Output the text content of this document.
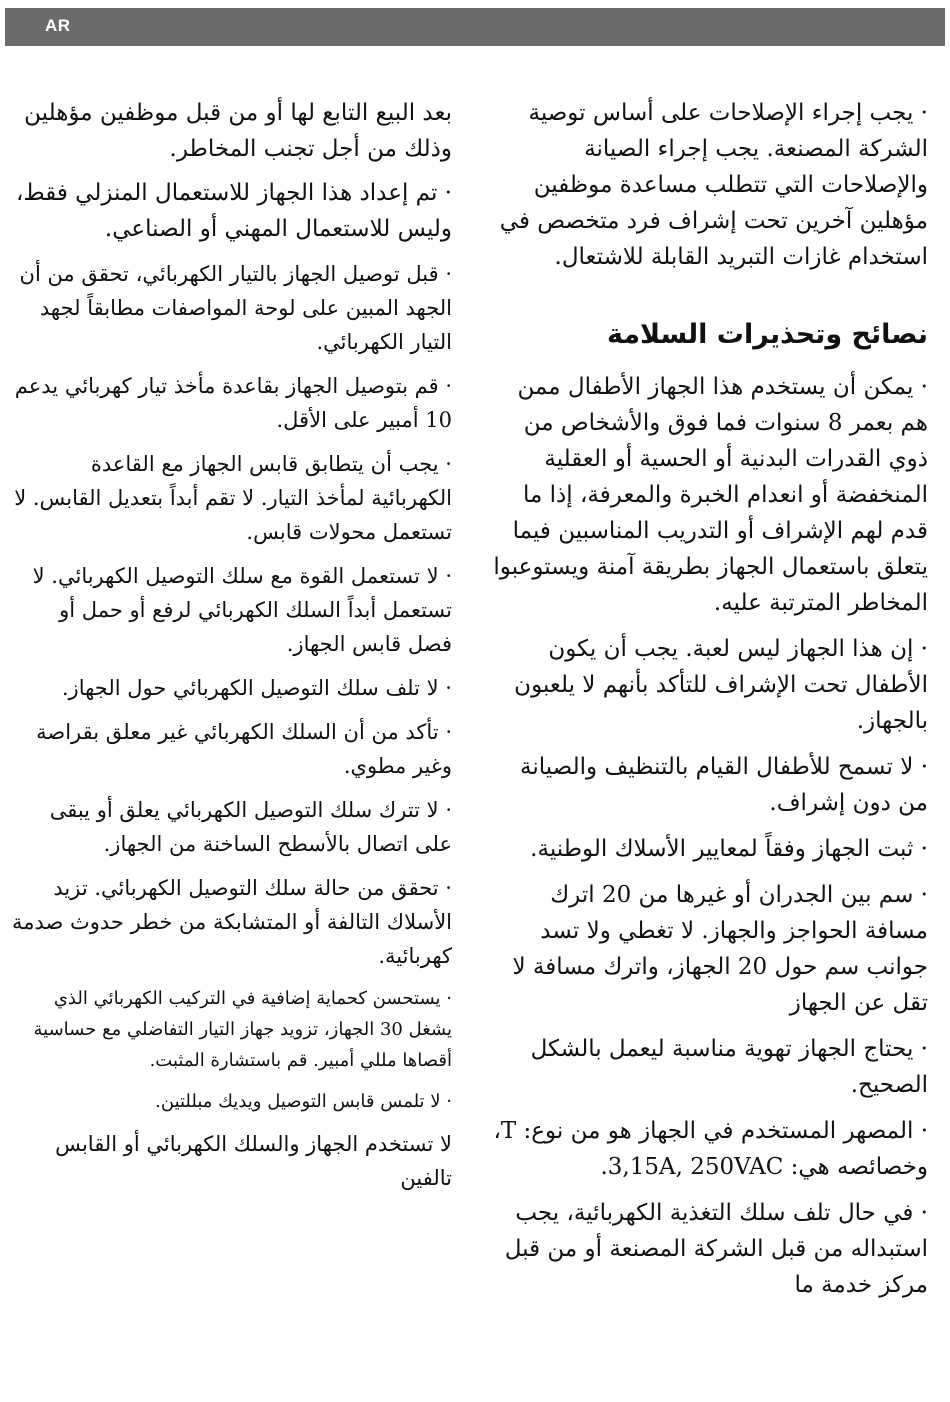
AR

· يجب إجراء الإصلاحات على أساس توصية الشركة المصنعة. يجب إجراء الصيانة والإصلاحات التي تتطلب مساعدة موظفين مؤهلين آخرين تحت إشراف فرد متخصص في استخدام غازات التبريد القابلة للاشتعال.

نصائح وتحذيرات السلامة

· يمكن أن يستخدم هذا الجهاز الأطفال ممن هم بعمر 8 سنوات فما فوق والأشخاص من ذوي القدرات البدنية أو الحسية أو العقلية المنخفضة أو انعدام الخبرة والمعرفة، إذا ما قدم لهم الإشراف أو التدريب المناسبين فيما يتعلق باستعمال الجهاز بطريقة آمنة ويستوعبوا المخاطر المترتبة عليه.

· إن هذا الجهاز ليس لعبة. يجب أن يكون الأطفال تحت الإشراف للتأكد بأنهم لا يلعبون بالجهاز.

· لا تسمح للأطفال القيام بالتنظيف والصيانة من دون إشراف.

· ثبت الجهاز وفقاً لمعايير الأسلاك الوطنية.

· سم بين الجدران أو غيرها من 20 اترك مسافة الحواجز والجهاز. لا تغطي ولا تسد جوانب سم حول 20 الجهاز، واترك مسافة لا تقل عن الجهاز

· يحتاج الجهاز تهوية مناسبة ليعمل بالشكل الصحيح.

· المصهر المستخدم في الجهاز هو من نوع: T، وخصائصه هي: 3,15A, 250VAC.

· في حال تلف سلك التغذية الكهربائية، يجب استبداله من قبل الشركة المصنعة أو من قبل مركز خدمة ما

بعد البيع التابع لها أو من قبل موظفين مؤهلين وذلك من أجل تجنب المخاطر.

· تم إعداد هذا الجهاز للاستعمال المنزلي فقط، وليس للاستعمال المهني أو الصناعي.

· قبل توصيل الجهاز بالتيار الكهربائي، تحقق من أن الجهد المبين على لوحة المواصفات مطابقاً لجهد التيار الكهربائي.

· قم بتوصيل الجهاز بقاعدة مأخذ تيار كهربائي يدعم 10 أمبير على الأقل.

· يجب أن يتطابق قابس الجهاز مع القاعدة الكهربائية لمأخذ التيار. لا تقم أبداً بتعديل القابس. لا تستعمل محولات قابس.

· لا تستعمل القوة مع سلك التوصيل الكهربائي. لا تستعمل أبداً السلك الكهربائي لرفع أو حمل أو فصل قابس الجهاز.

· لا تلف سلك التوصيل الكهربائي حول الجهاز.

· تأكد من أن السلك الكهربائي غير معلق بقراصة وغير مطوي.

· لا تترك سلك التوصيل الكهربائي يعلق أو يبقى على اتصال بالأسطح الساخنة من الجهاز.

· تحقق من حالة سلك التوصيل الكهربائي. تزيد الأسلاك التالفة أو المتشابكة من خطر حدوث صدمة كهربائية.

· يستحسن كحماية إضافية في التركيب الكهربائي الذي يشغل 30 الجهاز، تزويد جهاز التيار التفاضلي مع حساسية أقصاها مللي أمبير. قم باستشارة المثبت.

· لا تلمس قابس التوصيل ويديك مبللتين.

لا تستخدم الجهاز والسلك الكهربائي أو القابس تالفين
